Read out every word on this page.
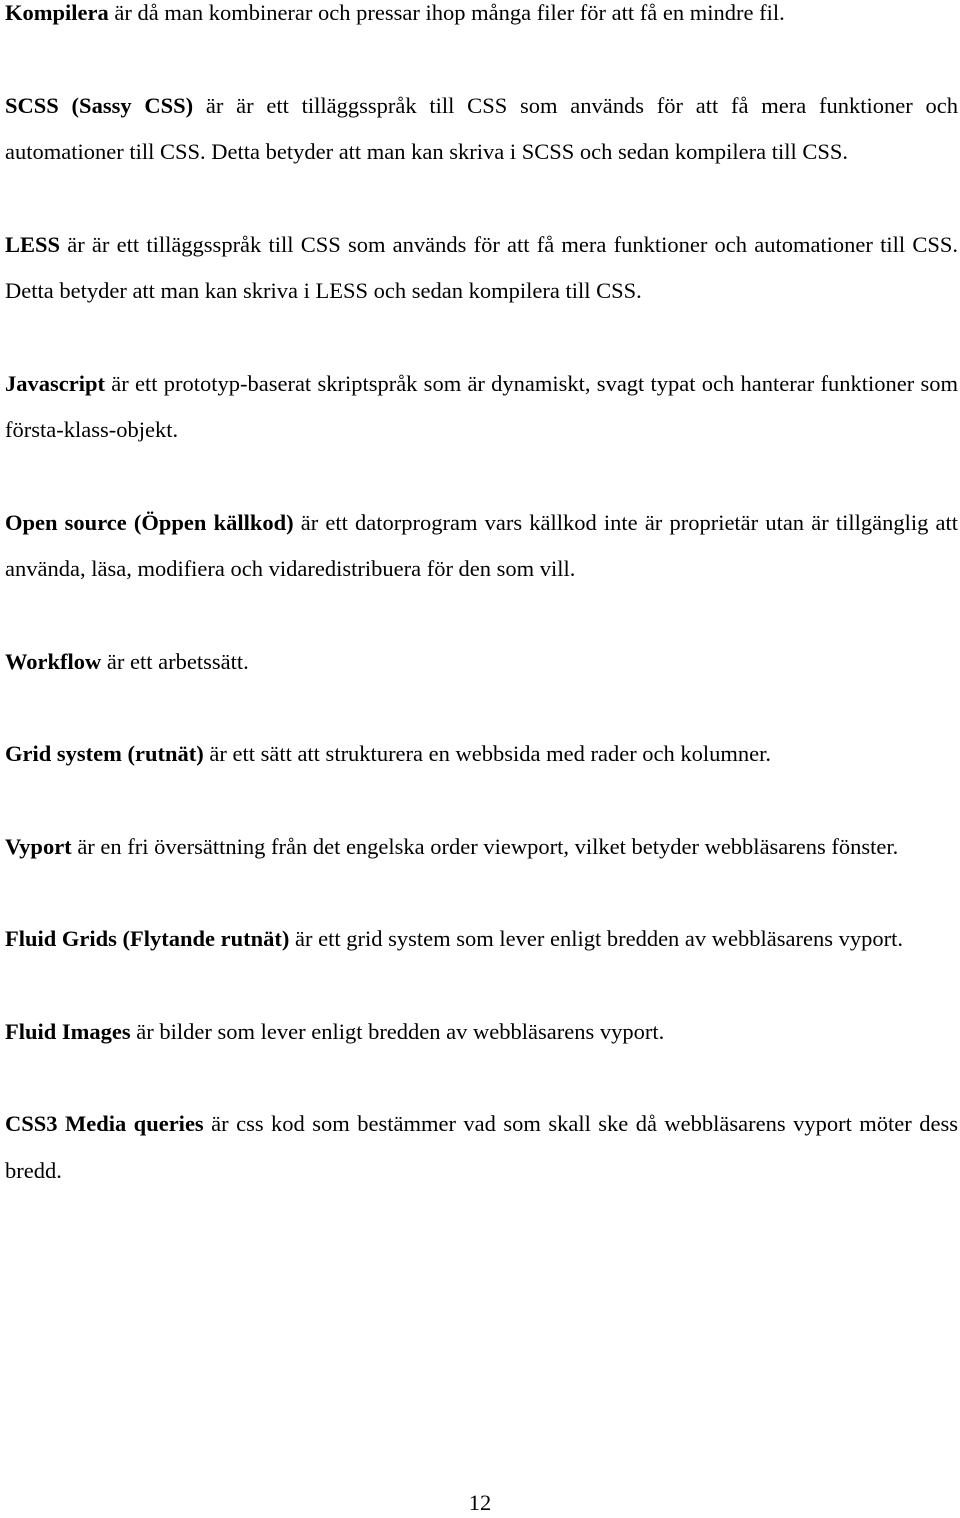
Kompilera är då man kombinerar och pressar ihop många filer för att få en mindre fil.

SCSS (Sassy CSS) är är ett tilläggsspråk till CSS som används för att få mera funktioner och automationer till CSS. Detta betyder att man kan skriva i SCSS och sedan kompilera till CSS.

LESS är är ett tilläggsspråk till CSS som används för att få mera funktioner och automationer till CSS. Detta betyder att man kan skriva i LESS och sedan kompilera till CSS.

Javascript är ett prototyp-baserat skriptspråk som är dynamiskt, svagt typat och hanterar funktioner som första-klass-objekt.

Open source (Öppen källkod) är ett datorprogram vars källkod inte är proprietär utan är tillgänglig att använda, läsa, modifiera och vidaredistribuera för den som vill.

Workflow är ett arbetssätt.

Grid system (rutnät) är ett sätt att strukturera en webbsida med rader och kolumner.

Vyport är en fri översättning från det engelska order viewport, vilket betyder webbläsarens fönster.

Fluid Grids (Flytande rutnät) är ett grid system som lever enligt bredden av webbläsarens vyport.

Fluid Images är bilder som lever enligt bredden av webbläsarens vyport.

CSS3 Media queries är css kod som bestämmer vad som skall ske då webbläsarens vyport möter dess bredd.

12
